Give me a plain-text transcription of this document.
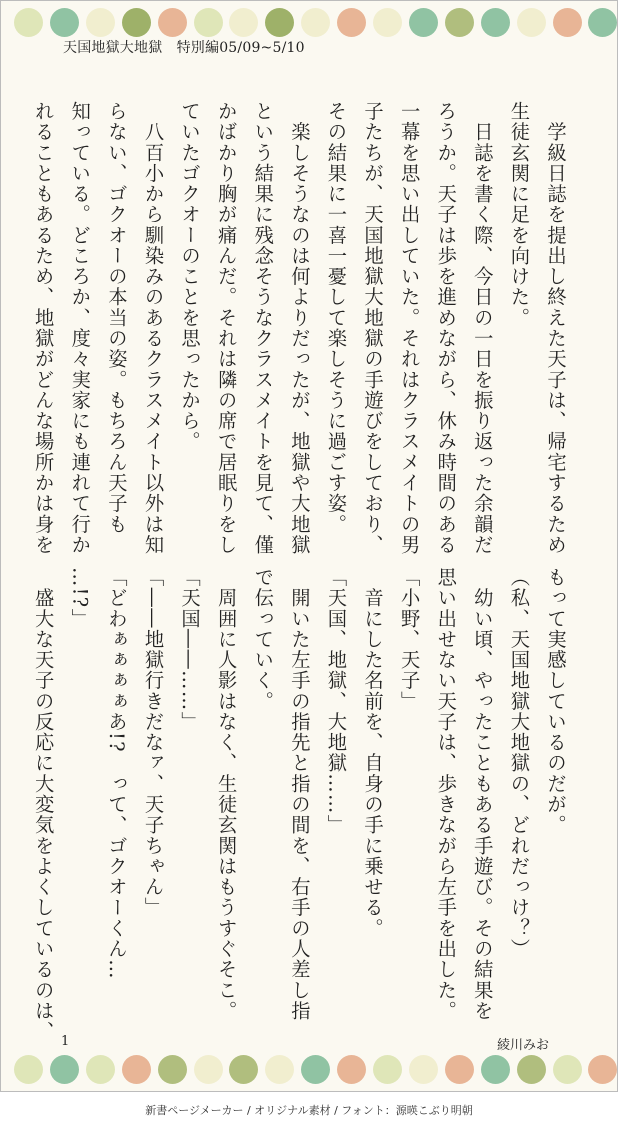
天国地獄大地獄　特別編05/09~5/10
　学級日誌を提出し終えた天子は、帰宅するため
生徒玄関に足を向けた。
　日誌を書く際、今日の一日を振り返った余韻だ
ろうか。天子は歩を進めながら、休み時間のある
一幕を思い出していた。それはクラスメイトの男
子たちが、天国地獄大地獄の手遊びをしており、
その結果に一喜一憂して楽しそうに過ごす姿。
　楽しそうなのは何よりだったが、地獄や大地獄
という結果に残念そうなクラスメイトを見て、僅
かばかり胸が痛んだ。それは隣の席で居眠りをし
ていたゴクオーのことを思ったから。
　八百小から馴染みのあるクラスメイト以外は知
らない、ゴクオーの本当の姿。もちろん天子も
知っている。どころか、度々実家にも連れて行か
れることもあるため、地獄がどんな場所かは身を
もって実感しているのだが。
（私、天国地獄大地獄の、どれだっけ？）
　幼い頃、やったこともある手遊び。その結果を
思い出せない天子は、歩きながら左手を出した。
「小野、天子」
　音にした名前を、自身の手に乗せる。
「天国、地獄、大地獄……」
　開いた左手の指先と指の間を、右手の人差し指
で伝っていく。
　周囲に人影はなく、生徒玄関はもうすぐそこ。
「天国――……」
「――地獄行きだなァ、天子ちゃん」
「どわぁぁぁぁあ!?　って、ゴクオーくん…
…!?」
　盛大な天子の反応に大変気をよくしているのは、 1	綾川みお
新書ページメーカー / オリジナル素材 / フォント：源暎こぶり明朝
